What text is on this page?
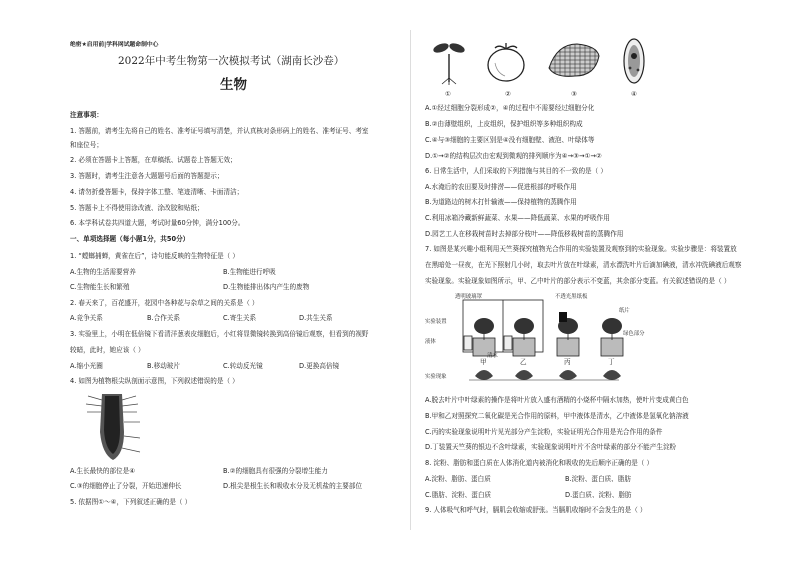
绝密★启用前|学科网试题命制中心
2022年中考生物第一次模拟考试（湖南长沙卷）
生物
注意事项：
1. 答题前，请考生先将自己的姓名、准考证号填写清楚，并认真核对条形码上的姓名、准考证号、考室
和座位号；
2. 必须在答题卡上答题，在草稿纸、试题卷上答题无效；
3. 答题时，请考生注意各大题题号后面的答题提示；
4. 请勿折叠答题卡，保持字体工整、笔迹清晰、卡面清洁；
5. 答题卡上不得使用涂改液、涂改胶和贴纸；
6. 本学科试卷共四道大题，考试时量60分钟，满分100分。
一、单项选择题（每小题1分，共50分）
1. “螳螂捕蝉，黄雀在后”，诗句能反映的生物特征是（ ）
A.生物的生活需要营养	B.生物能进行呼吸
C.生物能生长和繁殖	D.生物能排出体内产生的废物
2. 春天来了，百花盛开，花园中各种花与杂草之间的关系是（ ）
A.竞争关系	B.合作关系	C.寄生关系	D.共生关系
3. 实验里上，小明在低倍镜下看清洋葱表皮细胞后，小红将显微镜转换到高倍镜后观察，但看到的视野
较暗，此时，她应该（ ）
A.缩小光圈	B.移动玻片	C.转动反光镜	D.更换高倍镜
4. 如图为植物根尖纵剖面示意图，下列叙述错误的是（ ）
A.生长最快的部位是④	B.②的细胞具有很强的分裂增生能力
C.③的细胞停止了分裂，开始迅速伸长	D.根尖是根生长和吸收水分及无机盐的主要部位
5. 依据图①～④，下列叙述正确的是（ ）
①	②	③	④
A.①经过细胞分裂形成②，④的过程中不需要经过细胞分化
B.②由薄壁组织，上皮组织，保护组织等多种组织构成
C.④与③细胞的主要区别是④没有细胞壁、液泡、叶绿体等
D.①→②的结构层次由宏观到微观的排列顺序为④→③→①→②
6. 日常生活中，人们采取的下列措施与其目的不一致的是（ ）
A.水淹后的农田要及时排涝——促进根部的呼吸作用
B.为道路边的树木打针输液——保持植物的蒸腾作用
C.利用冰箱冷藏新鲜蔬菜、水果——降低蔬菜、水果的呼吸作用
D.园艺工人在移栽树苗时去掉部分枝叶——降低移栽树苗的蒸腾作用
7. 如图是某兴趣小组利用天竺葵探究植物光合作用的实验装置及观察到的实验现象。实验步骤是：将装置放
在黑暗处一昼夜，在光下照射几小时，取去叶片放在叶绿素，清水漂洗叶片后滴加碘液，清水冲洗碘液后观察
实验现象。实验现象如图所示，甲、乙中叶片的部分表示不变蓝，其余部分变蓝。有关叙述错误的是（ ）
透明玻璃罩	不透光黑纸板
纸片
实验装置
液体
清水
绿色部分
甲	乙	丙	丁
实验现象
A.脱去叶片中叶绿素的操作是将叶片放入盛有酒精的小烧杯中隔水加热，使叶片变成黄白色
B.甲和乙对照探究二氧化碳是光合作用的原料，甲中液体是清水，乙中液体是氢氧化钠溶液
C.丙的实验现象说明叶片见光部分产生淀粉，实验证明光合作用是光合作用的条件
D.丁装置天竺葵的银边不含叶绿素，实验现象说明叶片不含叶绿素的部分不能产生淀粉
8. 淀粉、脂肪和蛋白质在人体消化道内被消化和吸收的先后顺序正确的是（ ）
A.淀粉、脂肪、蛋白质	B.淀粉、蛋白质、脂肪
C.脂肪、淀粉、蛋白质	D.蛋白质、淀粉、脂肪
9. 人体吸气和呼气时，膈肌会收缩或舒张。当膈肌收缩时不会发生的是（ ）
